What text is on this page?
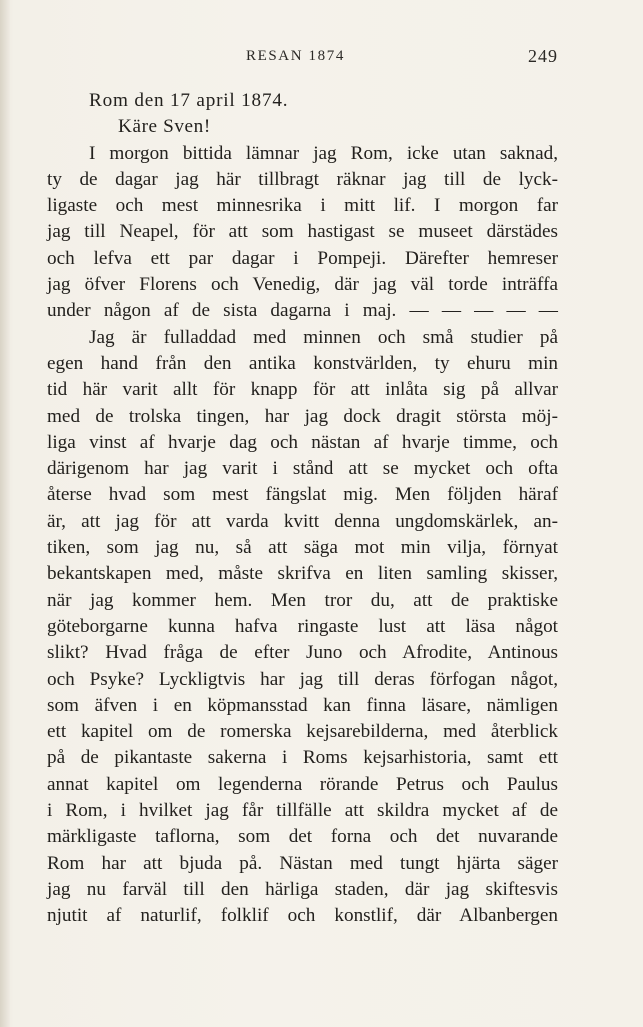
RESAN 1874	249
Rom den 17 april 1874.
Käre Sven!
I morgon bittida lämnar jag Rom, icke utan saknad,
ty de dagar jag här tillbragt räknar jag till de lyck-
ligaste och mest minnesrika i mitt lif. I morgon far
jag till Neapel, för att som hastigast se museet därstädes
och lefva ett par dagar i Pompeji. Därefter hemreser
jag öfver Florens och Venedig, där jag väl torde inträffa
under någon af de sista dagarna i maj. — — — — —
Jag är fulladdad med minnen och små studier på
egen hand från den antika konstvärlden, ty ehuru min
tid här varit allt för knapp för att inlåta sig på allvar
med de trolska tingen, har jag dock dragit största möj-
liga vinst af hvarje dag och nästan af hvarje timme, och
därigenom har jag varit i stånd att se mycket och ofta
återse hvad som mest fängslat mig. Men följden häraf
är, att jag för att varda kvitt denna ungdomskärlek, an-
tiken, som jag nu, så att säga mot min vilja, förnyat
bekantskapen med, måste skrifva en liten samling skisser,
när jag kommer hem. Men tror du, att de praktiske
göteborgarne kunna hafva ringaste lust att läsa något
slikt? Hvad fråga de efter Juno och Afrodite, Antinous
och Psyke? Lyckligtvis har jag till deras förfogan något,
som äfven i en köpmansstad kan finna läsare, nämligen
ett kapitel om de romerska kejsarebilderna, med återblick
på de pikantaste sakerna i Roms kejsarhistoria, samt ett
annat kapitel om legenderna rörande Petrus och Paulus
i Rom, i hvilket jag får tillfälle att skildra mycket af de
märkligaste taflorna, som det forna och det nuvarande
Rom har att bjuda på. Nästan med tungt hjärta säger
jag nu farväl till den härliga staden, där jag skiftesvis
njutit af naturlif, folklif och konstlif, där Albanbergen
